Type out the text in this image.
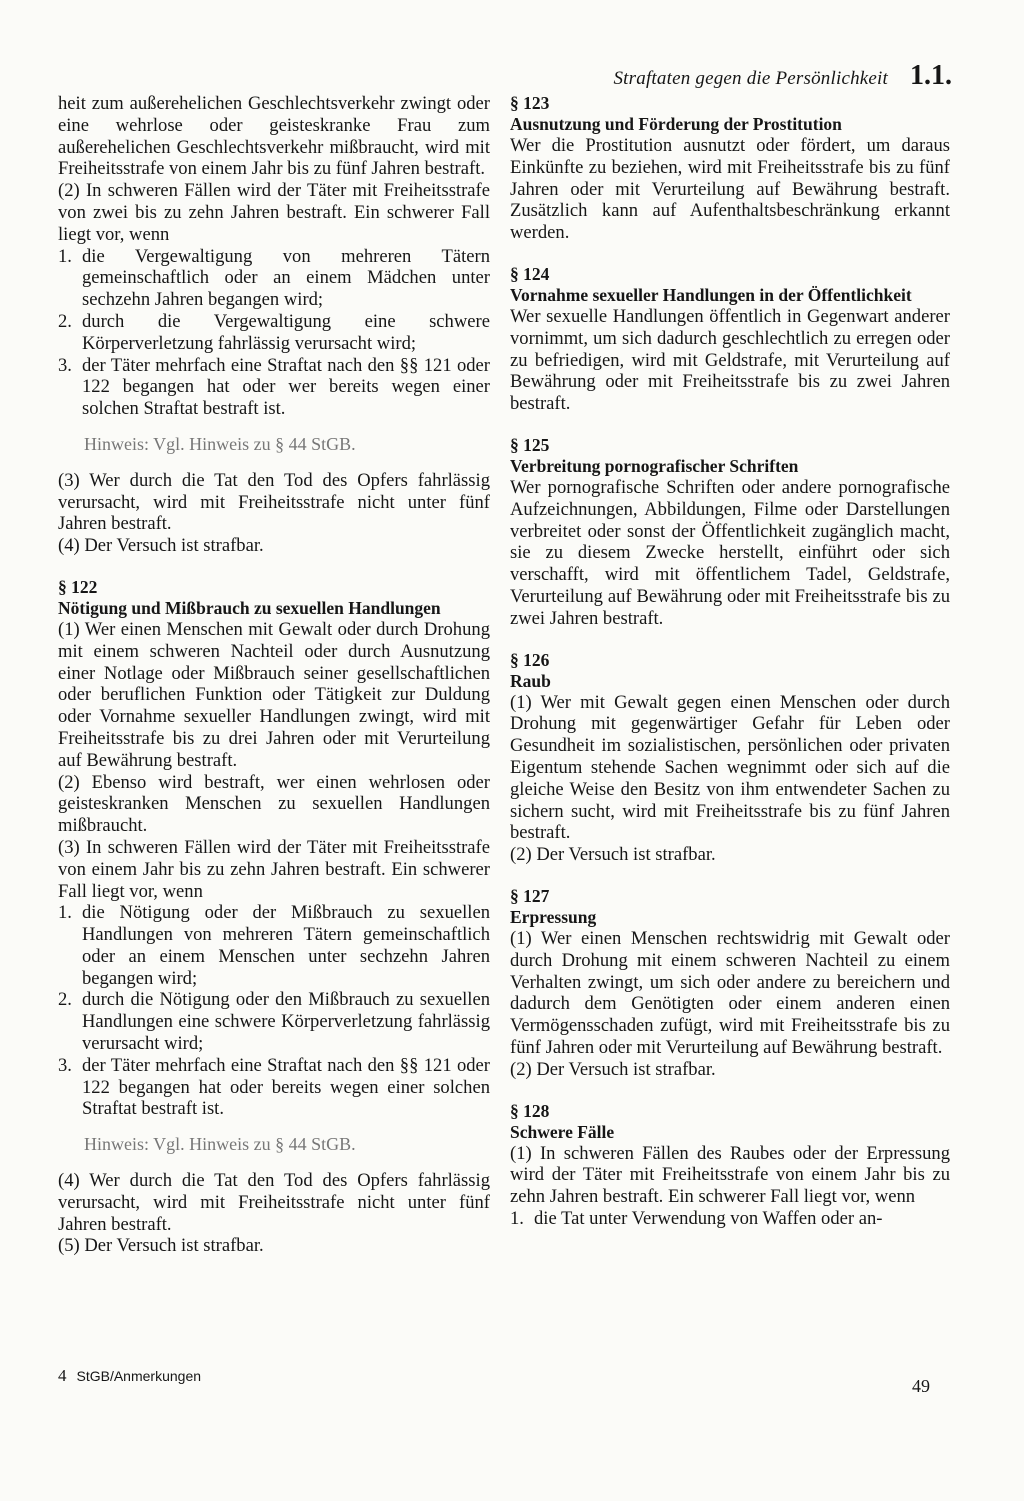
Straftaten gegen die Persönlichkeit 1.1.

heit zum außerehelichen Geschlechtsverkehr zwingt oder eine wehrlose oder geisteskranke Frau zum außerehelichen Geschlechtsverkehr mißbraucht, wird mit Freiheitsstrafe von einem Jahr bis zu fünf Jahren bestraft.

(2) In schweren Fällen wird der Täter mit Freiheitsstrafe von zwei bis zu zehn Jahren bestraft. Ein schwerer Fall liegt vor, wenn

1. die Vergewaltigung von mehreren Tätern gemeinschaftlich oder an einem Mädchen unter sechzehn Jahren begangen wird;
2. durch die Vergewaltigung eine schwere Körperverletzung fahrlässig verursacht wird;
3. der Täter mehrfach eine Straftat nach den §§ 121 oder 122 begangen hat oder wer bereits wegen einer solchen Straftat bestraft ist.
Hinweis: Vgl. Hinweis zu § 44 StGB.

(3) Wer durch die Tat den Tod des Opfers fahrlässig verursacht, wird mit Freiheitsstrafe nicht unter fünf Jahren bestraft.

(4) Der Versuch ist strafbar.

§ 122
Nötigung und Mißbrauch zu sexuellen Handlungen

(1) Wer einen Menschen mit Gewalt oder durch Drohung mit einem schweren Nachteil oder durch Ausnutzung einer Notlage oder Mißbrauch seiner gesellschaftlichen oder beruflichen Funktion oder Tätigkeit zur Duldung oder Vornahme sexueller Handlungen zwingt, wird mit Freiheitsstrafe bis zu drei Jahren oder mit Verurteilung auf Bewährung bestraft.

(2) Ebenso wird bestraft, wer einen wehrlosen oder geisteskranken Menschen zu sexuellen Handlungen mißbraucht.

(3) In schweren Fällen wird der Täter mit Freiheitsstrafe von einem Jahr bis zu zehn Jahren bestraft. Ein schwerer Fall liegt vor, wenn

1. die Nötigung oder der Mißbrauch zu sexuellen Handlungen von mehreren Tätern gemeinschaftlich oder an einem Menschen unter sechzehn Jahren begangen wird;
2. durch die Nötigung oder den Mißbrauch zu sexuellen Handlungen eine schwere Körperverletzung fahrlässig verursacht wird;
3. der Täter mehrfach eine Straftat nach den §§ 121 oder 122 begangen hat oder bereits wegen einer solchen Straftat bestraft ist.
Hinweis: Vgl. Hinweis zu § 44 StGB.

(4) Wer durch die Tat den Tod des Opfers fahrlässig verursacht, wird mit Freiheitsstrafe nicht unter fünf Jahren bestraft.

(5) Der Versuch ist strafbar.

§ 123
Ausnutzung und Förderung der Prostitution

Wer die Prostitution ausnutzt oder fördert, um daraus Einkünfte zu beziehen, wird mit Freiheitsstrafe bis zu fünf Jahren oder mit Verurteilung auf Bewährung bestraft. Zusätzlich kann auf Aufenthaltsbeschränkung erkannt werden.

§ 124
Vornahme sexueller Handlungen in der Öffentlichkeit

Wer sexuelle Handlungen öffentlich in Gegenwart anderer vornimmt, um sich dadurch geschlechtlich zu erregen oder zu befriedigen, wird mit Geldstrafe, mit Verurteilung auf Bewährung oder mit Freiheitsstrafe bis zu zwei Jahren bestraft.

§ 125
Verbreitung pornografischer Schriften

Wer pornografische Schriften oder andere pornografische Aufzeichnungen, Abbildungen, Filme oder Darstellungen verbreitet oder sonst der Öffentlichkeit zugänglich macht, sie zu diesem Zwecke herstellt, einführt oder sich verschafft, wird mit öffentlichem Tadel, Geldstrafe, Verurteilung auf Bewährung oder mit Freiheitsstrafe bis zu zwei Jahren bestraft.

§ 126
Raub

(1) Wer mit Gewalt gegen einen Menschen oder durch Drohung mit gegenwärtiger Gefahr für Leben oder Gesundheit im sozialistischen, persönlichen oder privaten Eigentum stehende Sachen wegnimmt oder sich auf die gleiche Weise den Besitz von ihm entwendeter Sachen zu sichern sucht, wird mit Freiheitsstrafe bis zu fünf Jahren bestraft.

(2) Der Versuch ist strafbar.

§ 127
Erpressung

(1) Wer einen Menschen rechtswidrig mit Gewalt oder durch Drohung mit einem schweren Nachteil zu einem Verhalten zwingt, um sich oder andere zu bereichern und dadurch dem Genötigten oder einem anderen einen Vermögensschaden zufügt, wird mit Freiheitsstrafe bis zu fünf Jahren oder mit Verurteilung auf Bewährung bestraft.

(2) Der Versuch ist strafbar.

§ 128
Schwere Fälle

(1) In schweren Fällen des Raubes oder der Erpressung wird der Täter mit Freiheitsstrafe von einem Jahr bis zu zehn Jahren bestraft. Ein schwerer Fall liegt vor, wenn

1. die Tat unter Verwendung von Waffen oder an-
4 StGB/Anmerkungen	49
